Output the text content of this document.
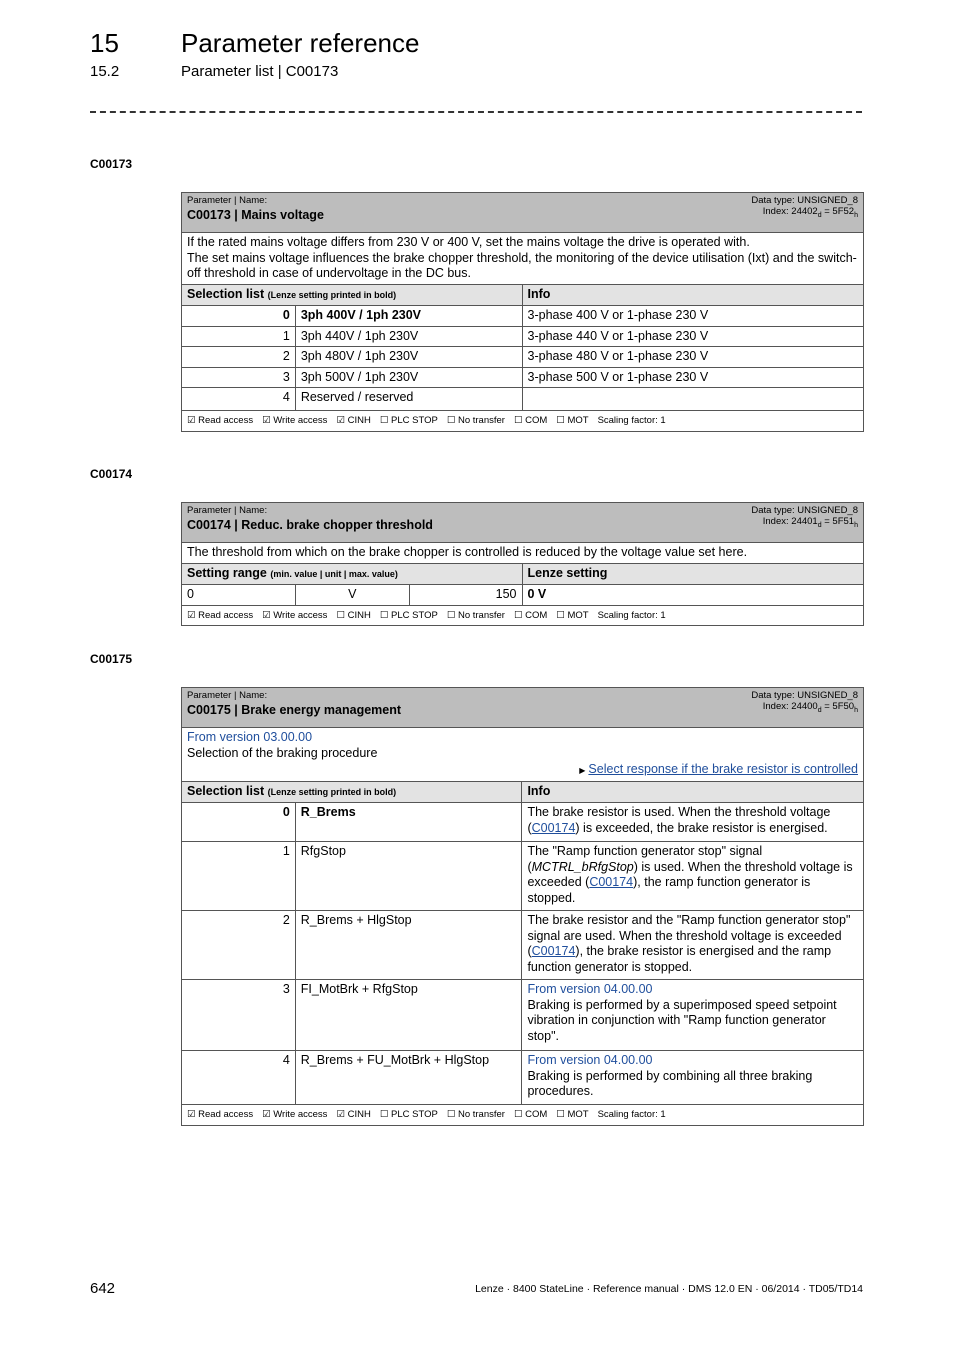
15 Parameter reference
15.2	Parameter list | C00173
C00173
Data type: UNSIGNED_8
Index: $24402_d = 5F52_h$
Parameter | Name:
C00173 | Mains voltage		

If the rated mains voltage differs from 230 V or 400 V, set the mains voltage the drive is operated with.
The set mains voltage influences the brake chopper threshold, the monitoring of the device utilisation (Ixt) and the switch-off threshold in case of undervoltage in the DC bus.		

Selection list (Lenze setting printed in bold)		Info
0	3ph 400V / 1ph 230V	3-phase 400 V or 1-phase 230 V
1	3ph 440V / 1ph 230V	3-phase 440 V or 1-phase 230 V
2	3ph 480V / 1ph 230V	3-phase 480 V or 1-phase 230 V
3	3ph 500V / 1ph 230V	3-phase 500 V or 1-phase 230 V
4	Reserved / reserved	
☑ Read access ☑ Write access ☑ CINH ☐ PLC STOP ☐ No transfer ☐ COM ☐ MOT Scaling factor: 1		
C00174
Data type: UNSIGNED_8
Index: $24401_d = 5F51_h$
Parameter | Name:
C00174 | Reduc. brake chopper threshold			

The threshold from which on the brake chopper is controlled is reduced by the voltage value set here.			
Setting range (min. value | unit | max. value)			Lenze setting
0	V	150	0 V
☑ Read access ☑ Write access ☐ CINH ☐ PLC STOP ☐ No transfer ☐ COM ☐ MOT Scaling factor: 1			
C00175
Data type: UNSIGNED_8
Index: $24400_d = 5F50_h$
Parameter | Name:
C00175 | Brake energy management		

From version 03.00.00
Selection of the braking procedure
▶ Select response if the brake resistor is controlled		

Selection list (Lenze setting printed in bold)		Info
0	R_Brems	The brake resistor is used. When the threshold voltage (C00174) is exceeded, the brake resistor is energised.
1	RfgStop	The "Ramp function generator stop" signal (MCTRL_bRfgStop) is used. When the threshold voltage is exceeded (C00174), the ramp function generator is stopped.
2	R_Brems + HlgStop	The brake resistor and the "Ramp function generator stop" signal are used. When the threshold voltage is exceeded (C00174), the brake resistor is energised and the ramp function generator is stopped.
3	FI_MotBrk + RfgStop	From version 04.00.00
Braking is performed by a superimposed speed setpoint vibration in conjunction with "Ramp function generator stop".

4	R_Brems + FU_MotBrk + HlgStop	From version 04.00.00
Braking is performed by combining all three braking procedures.

☑ Read access ☑ Write access ☑ CINH ☐ PLC STOP ☐ No transfer ☐ COM ☐ MOT Scaling factor: 1		
642	Lenze · 8400 StateLine · Reference manual · DMS 12.0 EN · 06/2014 · TD05/TD14
